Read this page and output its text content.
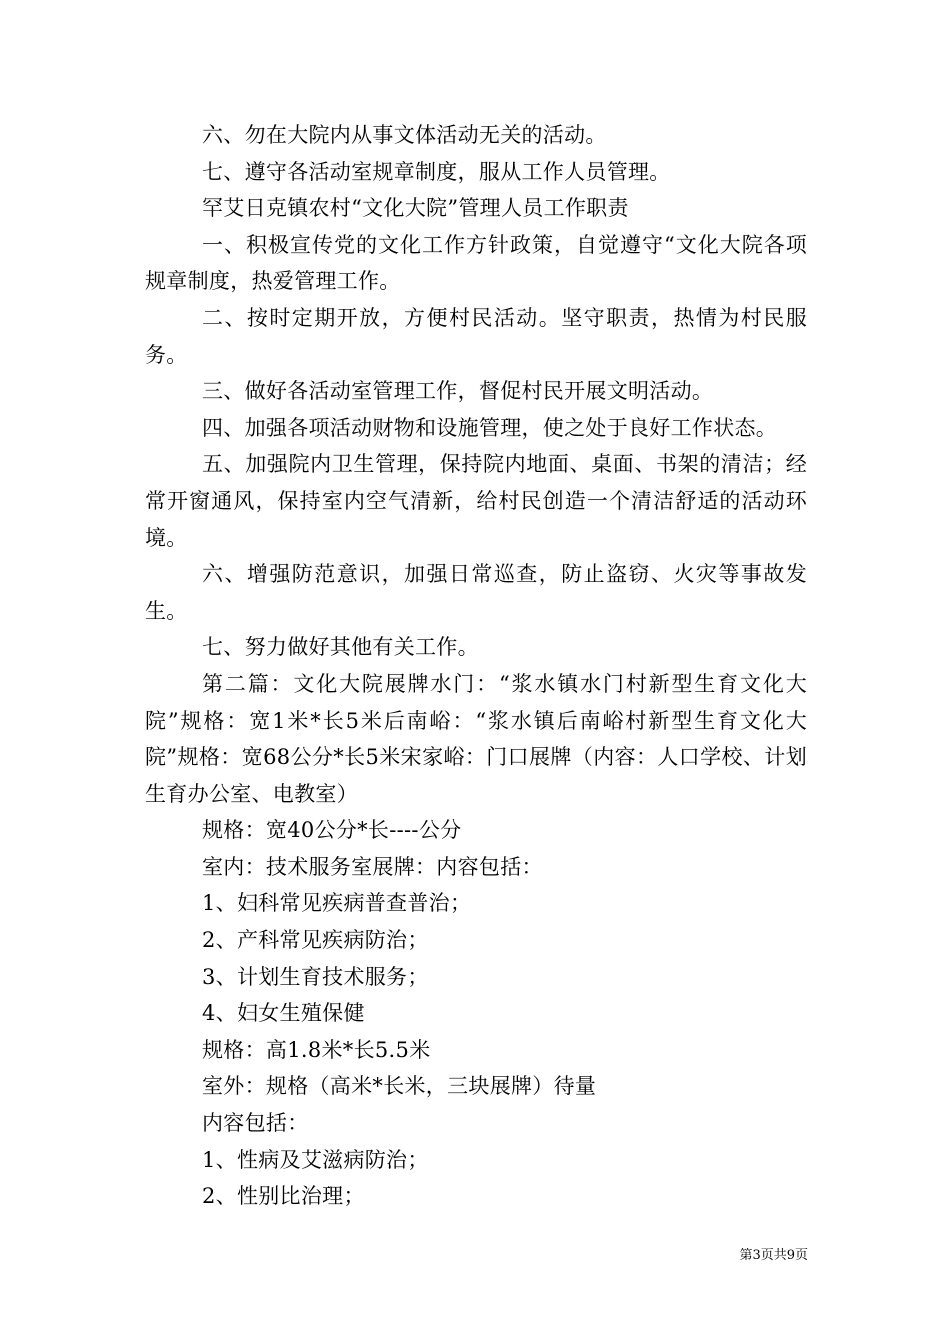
六、勿在大院内从事文体活动无关的活动。

七、遵守各活动室规章制度，服从工作人员管理。

罕艾日克镇农村“文化大院”管理人员工作职责

一、积极宣传党的文化工作方针政策，自觉遵守“文化大院各项规章制度，热爱管理工作。

二、按时定期开放，方便村民活动。坚守职责，热情为村民服务。

三、做好各活动室管理工作，督促村民开展文明活动。

四、加强各项活动财物和设施管理，使之处于良好工作状态。

五、加强院内卫生管理，保持院内地面、桌面、书架的清洁；经常开窗通风，保持室内空气清新，给村民创造一个清洁舒适的活动环境。

六、增强防范意识，加强日常巡查，防止盗窃、火灾等事故发生。

七、努力做好其他有关工作。

第二篇：文化大院展牌水门：“浆水镇水门村新型生育文化大院”规格：宽1米*长5米后南峪：“浆水镇后南峪村新型生育文化大院”规格：宽68公分*长5米宋家峪：门口展牌（内容：人口学校、计划生育办公室、电教室）

规格：宽40公分*长----公分

室内：技术服务室展牌：内容包括：

1、妇科常见疾病普查普治；

2、产科常见疾病防治；

3、计划生育技术服务；

4、妇女生殖保健

规格：高1.8米*长5.5米

室外：规格（高米*长米，三块展牌）待量

内容包括：

1、性病及艾滋病防治；

2、性别比治理；

第3页共9页
